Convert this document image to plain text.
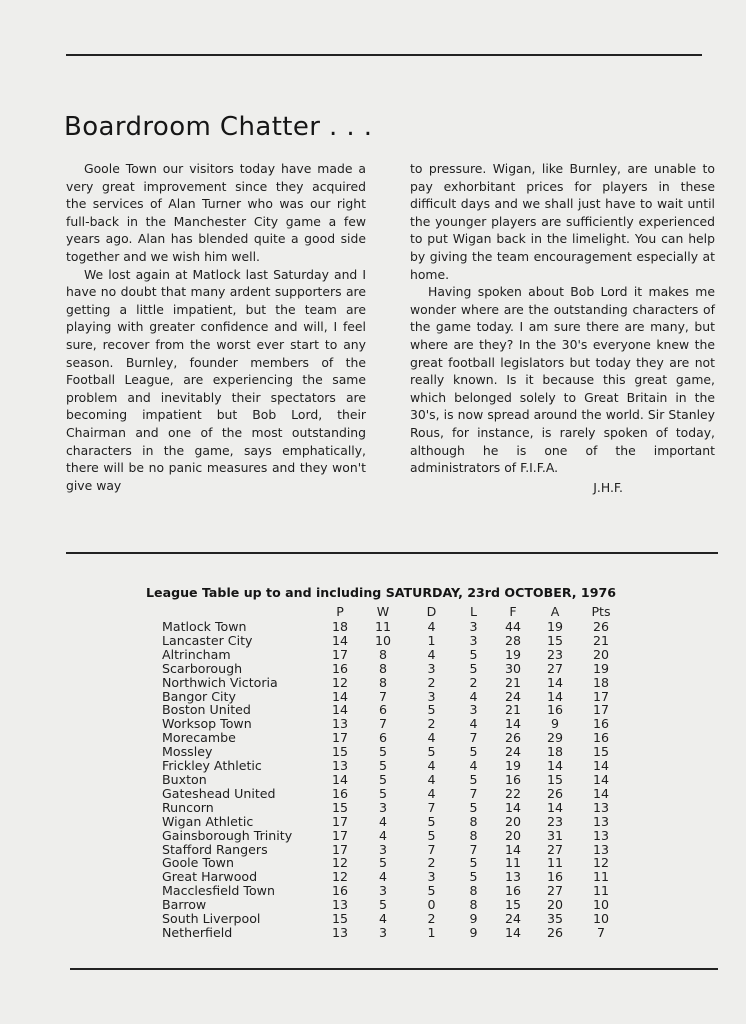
Boardroom Chatter . . .

Goole Town our visitors today have made a very great improvement since they acquired the services of Alan Turner who was our right full-back in the Manchester City game a few years ago. Alan has blended quite a good side together and we wish him well.

We lost again at Matlock last Saturday and I have no doubt that many ardent supporters are getting a little impatient, but the team are playing with greater confidence and will, I feel sure, recover from the worst ever start to any season. Burnley, founder members of the Football League, are experiencing the same problem and inevitably their spectators are becoming impatient but Bob Lord, their Chairman and one of the most outstanding characters in the game, says emphatically, there will be no panic measures and they won't give way

to pressure. Wigan, like Burnley, are unable to pay exhorbitant prices for players in these difficult days and we shall just have to wait until the younger players are sufficiently experienced to put Wigan back in the limelight. You can help by giving the team encouragement especially at home.

Having spoken about Bob Lord it makes me wonder where are the outstanding characters of the game today. I am sure there are many, but where are they? In the 30's everyone knew the great football legislators but today they are not really known. Is it because this great game, which belonged solely to Great Britain in the 30's, is now spread around the world. Sir Stanley Rous, for instance, is rarely spoken of today, although he is one of the important administrators of F.I.F.A.

J.H.F.
League Table up to and including SATURDAY, 23rd OCTOBER, 1976
	P	W	D	L	F	A	Pts
Matlock Town	18	11	4	3	44	19	26
Lancaster City	14	10	1	3	28	15	21
Altrincham	17	8	4	5	19	23	20
Scarborough	16	8	3	5	30	27	19
Northwich Victoria	12	8	2	2	21	14	18
Bangor City	14	7	3	4	24	14	17
Boston United	14	6	5	3	21	16	17
Worksop Town	13	7	2	4	14	9	16
Morecambe	17	6	4	7	26	29	16
Mossley	15	5	5	5	24	18	15
Frickley Athletic	13	5	4	4	19	14	14
Buxton	14	5	4	5	16	15	14
Gateshead United	16	5	4	7	22	26	14
Runcorn	15	3	7	5	14	14	13
Wigan Athletic	17	4	5	8	20	23	13
Gainsborough Trinity	17	4	5	8	20	31	13
Stafford Rangers	17	3	7	7	14	27	13
Goole Town	12	5	2	5	11	11	12
Great Harwood	12	4	3	5	13	16	11
Macclesfield Town	16	3	5	8	16	27	11
Barrow	13	5	0	8	15	20	10
South Liverpool	15	4	2	9	24	35	10
Netherfield	13	3	1	9	14	26	7
